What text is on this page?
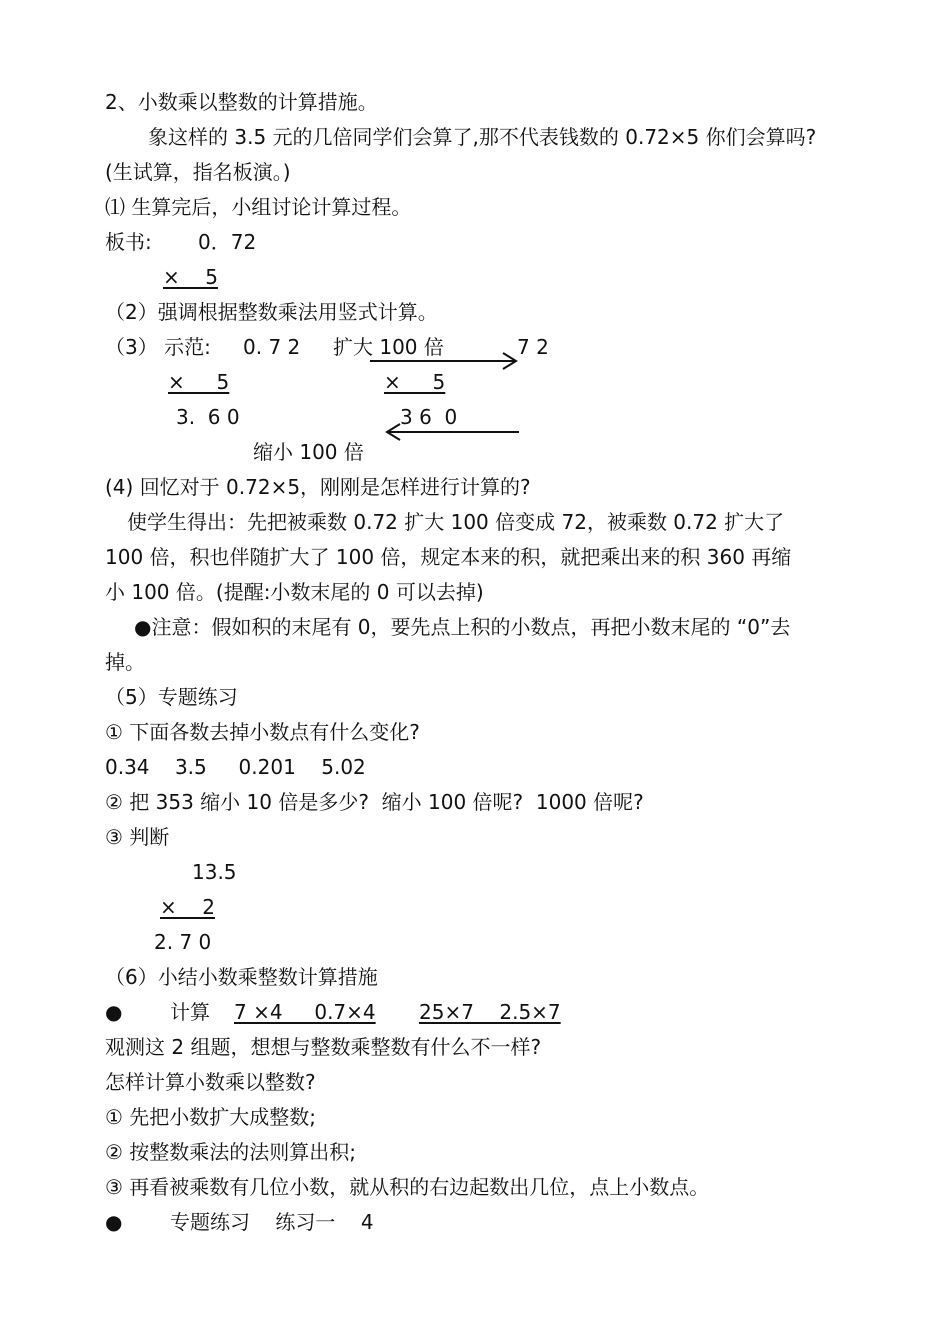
2、小数乘以整数的计算措施。
象这样的 3.5 元的几倍同学们会算了,那不代表钱数的 0.72×5 你们会算吗?
(生试算，指名板演。)
⑴ 生算完后，小组讨论计算过程。
板书: 0．72
×    5
（2）强调根据整数乘法用竖式计算。
（3） 示范: 0. 7 2 扩大 100 倍	7 2
×     5	×     5
3.  6 0	3 6  0
缩小 100 倍
(4) 回忆对于 0.72×5，刚刚是怎样进行计算的?
使学生得出：先把被乘数 0.72 扩大 100 倍变成 72，被乘数 0.72 扩大了
100 倍，积也伴随扩大了 100 倍，规定本来的积，就把乘出来的积 360 再缩
小 100 倍。(提醒:小数末尾的 0 可以去掉)
●注意：假如积的末尾有 0，要先点上积的小数点，再把小数末尾的 “0”去
掉。
（5）专题练习
① 下面各数去掉小数点有什么变化?
0.34    3.5     0.201    5.02
② 把 353 缩小 10 倍是多少?  缩小 100 倍呢?  1000 倍呢?
③ 判断
13.5
×    2
2. 7 0
（6）小结小数乘整数计算措施
● 计算 7 ×4     0.7×4 25×7    2.5×7
观测这 2 组题，想想与整数乘整数有什么不一样?
怎样计算小数乘以整数?
① 先把小数扩大成整数;
② 按整数乘法的法则算出积;
③ 再看被乘数有几位小数，就从积的右边起数出几位，点上小数点。
● 专题练习    练习一    4
